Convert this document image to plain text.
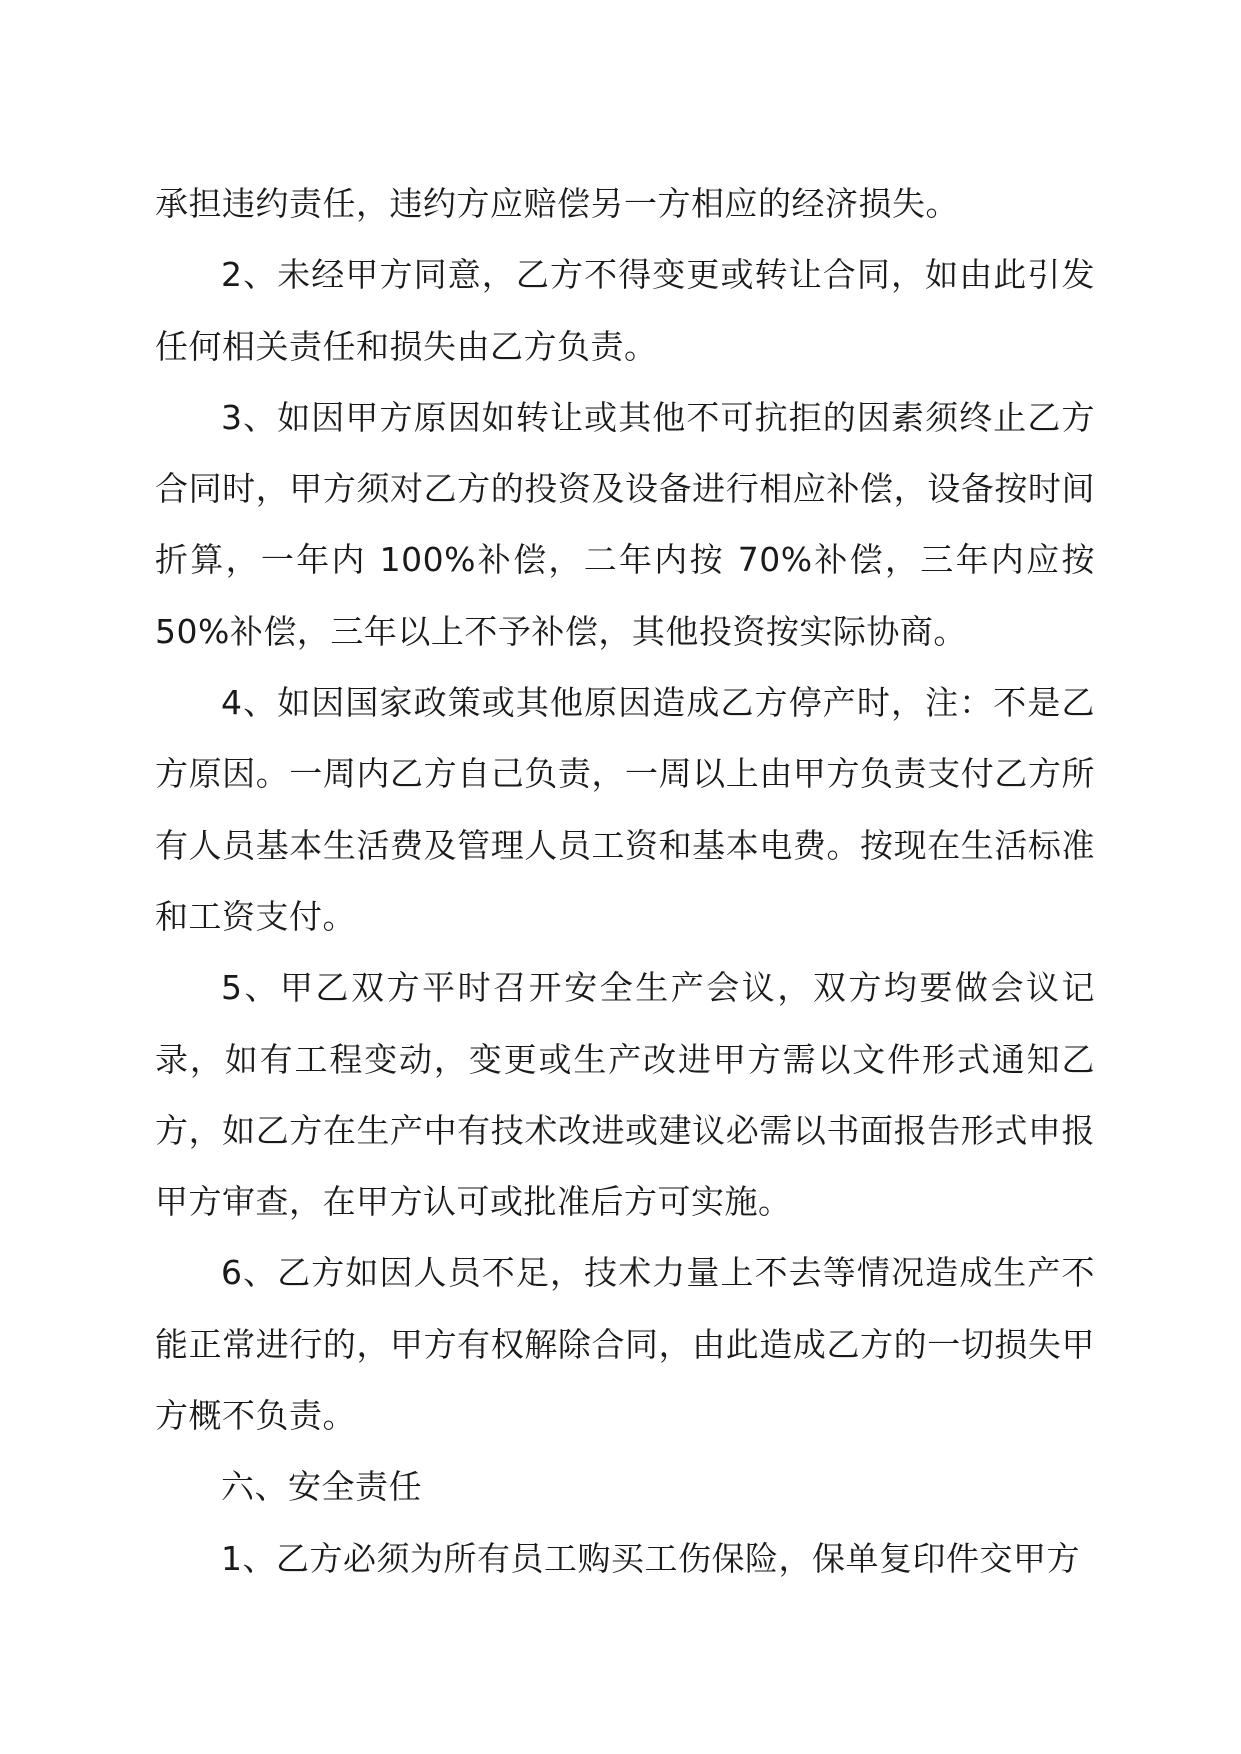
承担违约责任，违约方应赔偿另一方相应的经济损失。

2、未经甲方同意，乙方不得变更或转让合同，如由此引发任何相关责任和损失由乙方负责。

3、如因甲方原因如转让或其他不可抗拒的因素须终止乙方合同时，甲方须对乙方的投资及设备进行相应补偿，设备按时间折算，一年内 100%补偿，二年内按 70%补偿，三年内应按 50%补偿，三年以上不予补偿，其他投资按实际协商。

4、如因国家政策或其他原因造成乙方停产时，注：不是乙方原因。一周内乙方自己负责，一周以上由甲方负责支付乙方所有人员基本生活费及管理人员工资和基本电费。按现在生活标准和工资支付。

5、甲乙双方平时召开安全生产会议，双方均要做会议记录，如有工程变动，变更或生产改进甲方需以文件形式通知乙方，如乙方在生产中有技术改进或建议必需以书面报告形式申报甲方审查，在甲方认可或批准后方可实施。

6、乙方如因人员不足，技术力量上不去等情况造成生产不能正常进行的，甲方有权解除合同，由此造成乙方的一切损失甲方概不负责。

六、安全责任

1、乙方必须为所有员工购买工伤保险，保单复印件交甲方
